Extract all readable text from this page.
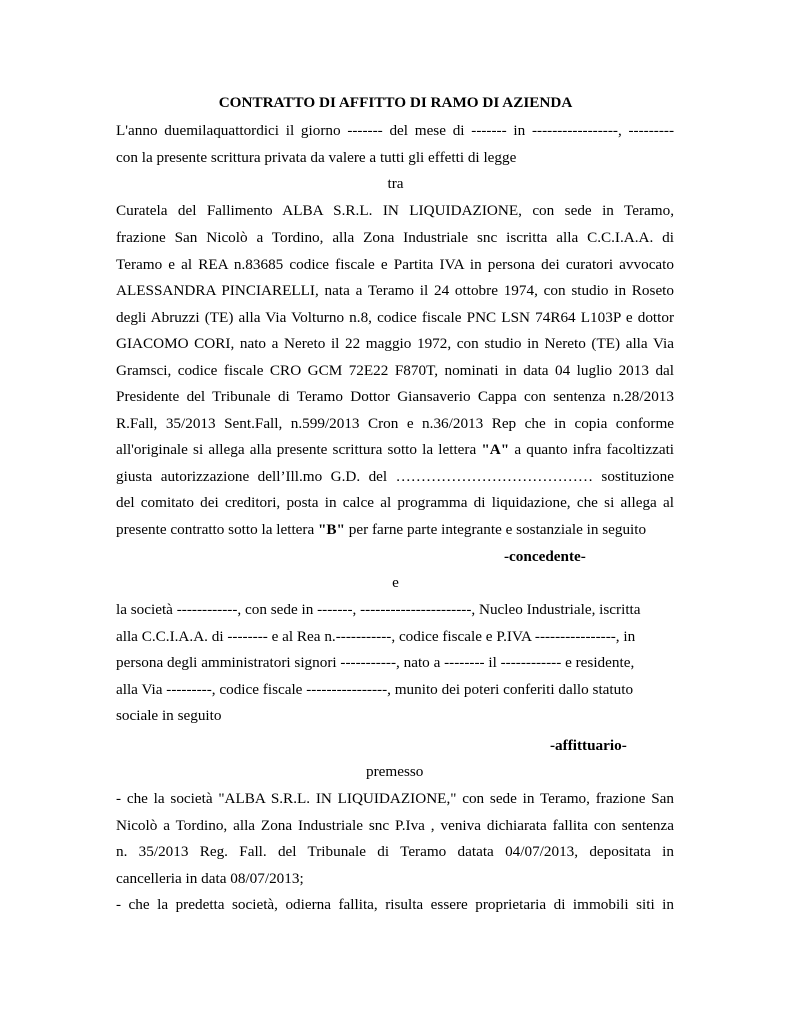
CONTRATTO DI AFFITTO DI RAMO DI AZIENDA
L'anno duemilaquattordici il giorno ------- del mese di ------- in -----------------, ---------
con la presente scrittura privata da valere a tutti gli effetti di legge
tra
Curatela del Fallimento ALBA S.R.L. IN LIQUIDAZIONE, con sede in Teramo,
frazione San Nicolò a Tordino, alla Zona Industriale snc iscritta alla C.C.I.A.A. di
Teramo e al REA n.83685 codice fiscale e Partita IVA in persona dei curatori avvocato
ALESSANDRA PINCIARELLI, nata a Teramo il 24 ottobre 1974, con studio in Roseto
degli Abruzzi (TE) alla Via Volturno n.8, codice fiscale PNC LSN 74R64 L103P e dottor
GIACOMO CORI, nato a Nereto il 22 maggio 1972, con studio in Nereto (TE) alla Via
Gramsci, codice fiscale CRO GCM 72E22 F870T, nominati in data 04 luglio 2013 dal
Presidente del Tribunale di Teramo Dottor Giansaverio Cappa con sentenza n.28/2013
R.Fall, 35/2013 Sent.Fall, n.599/2013 Cron e n.36/2013 Rep che in copia conforme
all'originale si allega alla presente scrittura sotto la lettera "A" a quanto infra facoltizzati
giusta autorizzazione dell’Ill.mo G.D. del ………………………………… sostituzione
del comitato dei creditori, posta in calce al programma di liquidazione, che si allega al
presente contratto sotto la lettera "B" per farne parte integrante e sostanziale in seguito
-concedente-
e
la società ------------, con sede in -------, ----------------------, Nucleo Industriale, iscritta
alla C.C.I.A.A. di -------- e al Rea n.-----------, codice fiscale e P.IVA ----------------, in
persona degli amministratori signori -----------, nato a -------- il ------------ e residente,
alla Via ---------, codice fiscale ----------------, munito dei poteri conferiti dallo statuto
sociale in seguito
-affittuario-
premesso
- che la società "ALBA S.R.L. IN LIQUIDAZIONE," con sede in Teramo, frazione San
Nicolò a Tordino, alla Zona Industriale snc P.Iva , veniva dichiarata fallita con sentenza
n. 35/2013 Reg. Fall. del Tribunale di Teramo datata 04/07/2013, depositata in
cancelleria in data 08/07/2013;
- che la predetta società, odierna fallita, risulta essere proprietaria di immobili siti in
